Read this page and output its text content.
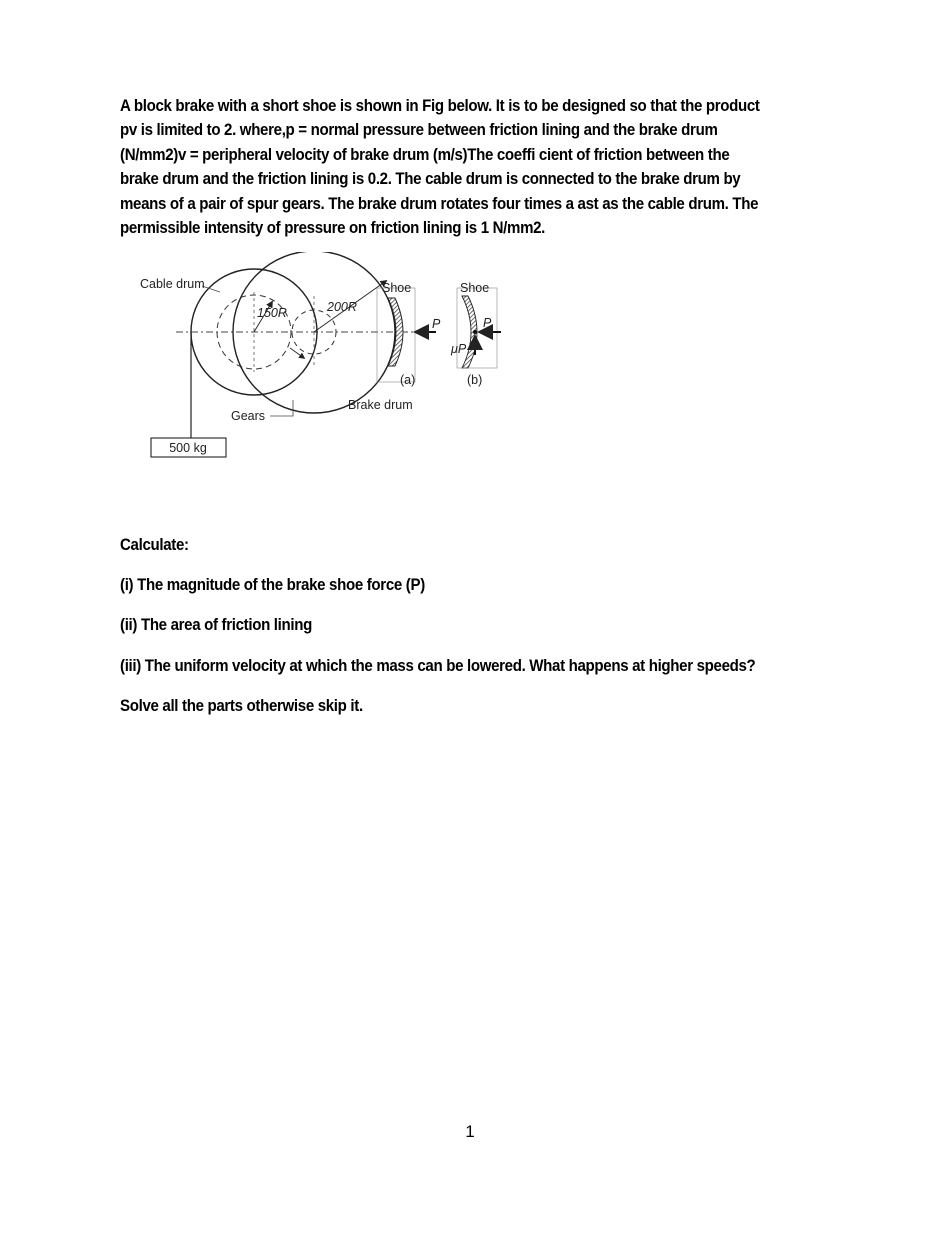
A block brake with a short shoe is shown in Fig below. It is to be designed so that the product pv is limited to 2. where,p = normal pressure between friction lining and the brake drum (N/mm2)v = peripheral velocity of brake drum (m/s)The coeffi cient of friction between the brake drum and the friction lining is 0.2. The cable drum is connected to the brake drum by means of a pair of spur gears. The brake drum rotates four times a ast as the cable drum. The permissible intensity of pressure on friction lining is 1 N/mm2.

500 kg
Cable drum
150R	200R
Shoe	Shoe
P	P
μP
(a)	(b)
Brake drum
Gears

Calculate:

(i) The magnitude of the brake shoe force (P)

(ii) The area of friction lining

(iii) The uniform velocity at which the mass can be lowered. What happens at higher speeds?

Solve all the parts otherwise skip it.

1
